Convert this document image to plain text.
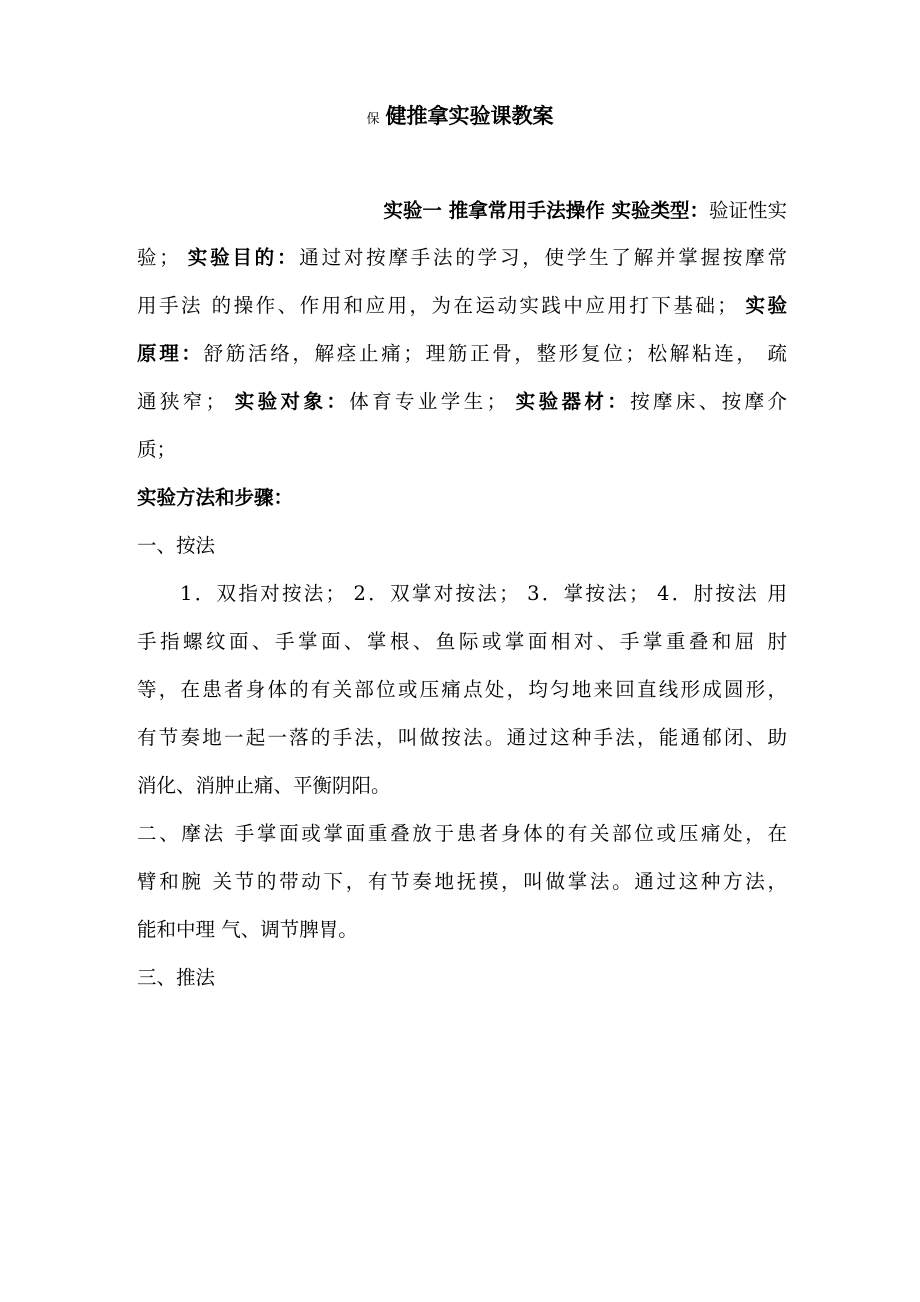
保 健推拿实验课教案
实验一 推拿常用手法操作 实验类型：验证性实
验； 实验目的：通过对按摩手法的学习，使学生了解并掌握按摩常
用手法 的操作、作用和应用，为在运动实践中应用打下基础； 实验
原理：舒筋活络，解痉止痛；理筋正骨，整形复位；松解粘连， 疏
通狭窄； 实验对象：体育专业学生； 实验器材：按摩床、按摩介
质；
实验方法和步骤：
一、按法
1．双指对按法； 2．双掌对按法； 3．掌按法； 4．肘按法 用
手指螺纹面、手掌面、掌根、鱼际或掌面相对、手掌重叠和屈 肘
等，在患者身体的有关部位或压痛点处，均匀地来回直线形成圆形，
有节奏地一起一落的手法，叫做按法。通过这种手法，能通郁闭、助
消化、消肿止痛、平衡阴阳。
二、摩法 手掌面或掌面重叠放于患者身体的有关部位或压痛处，在
臂和腕 关节的带动下，有节奏地抚摸，叫做掌法。通过这种方法，
能和中理 气、调节脾胃。
三、推法
